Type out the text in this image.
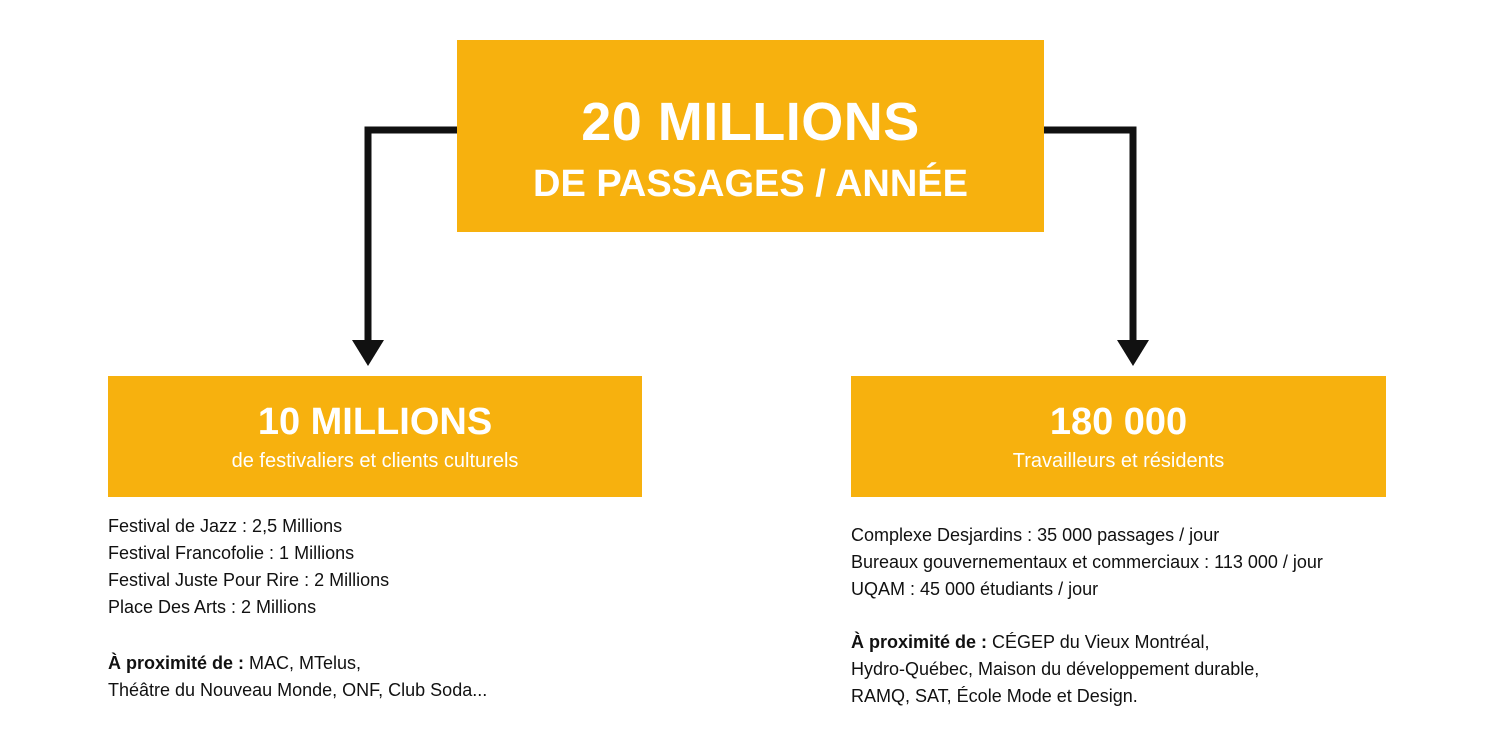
20 MILLIONS
DE PASSAGES / ANNÉE
10 MILLIONS
de festivaliers et clients culturels
180 000
Travailleurs et résidents
Festival de Jazz : 2,5 Millions
Festival Francofolie : 1 Millions
Festival Juste Pour Rire : 2 Millions
Place Des Arts : 2 Millions
À proximité de : MAC, MTelus,
Théâtre du Nouveau Monde, ONF, Club Soda...
Complexe Desjardins : 35 000 passages / jour
Bureaux gouvernementaux et commerciaux : 113 000 / jour
UQAM : 45 000 étudiants / jour
À proximité de : CÉGEP du Vieux Montréal,
Hydro-Québec, Maison du développement durable,
RAMQ, SAT, École Mode et Design.
